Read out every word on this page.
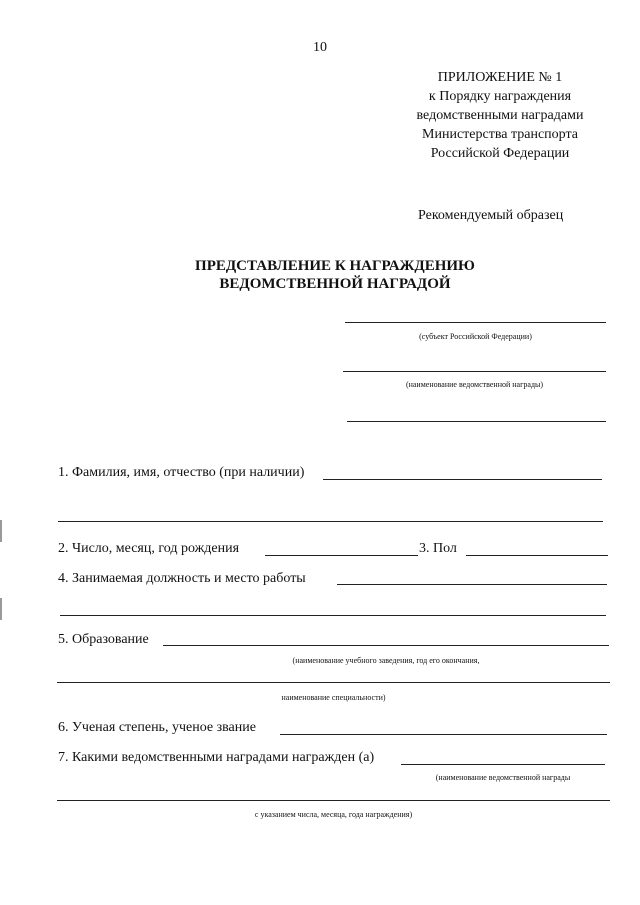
10
ПРИЛОЖЕНИЕ № 1
к Порядку награждения
ведомственными наградами
Министерства транспорта
Российской Федерации
Рекомендуемый образец
ПРЕДСТАВЛЕНИЕ К НАГРАЖДЕНИЮ
ВЕДОМСТВЕННОЙ НАГРАДОЙ
(субъект Российской Федерации)
(наименование ведомственной награды)
1. Фамилия, имя, отчество (при наличии)
2. Число, месяц, год рождения	3. Пол
4. Занимаемая должность и место работы
5. Образование
(наименование учебного заведения, год его окончания,
наименование специальности)
6. Ученая степень, ученое звание
7. Какими ведомственными наградами награжден (а)
(наименование ведомственной награды
с указанием числа, месяца, года награждения)
